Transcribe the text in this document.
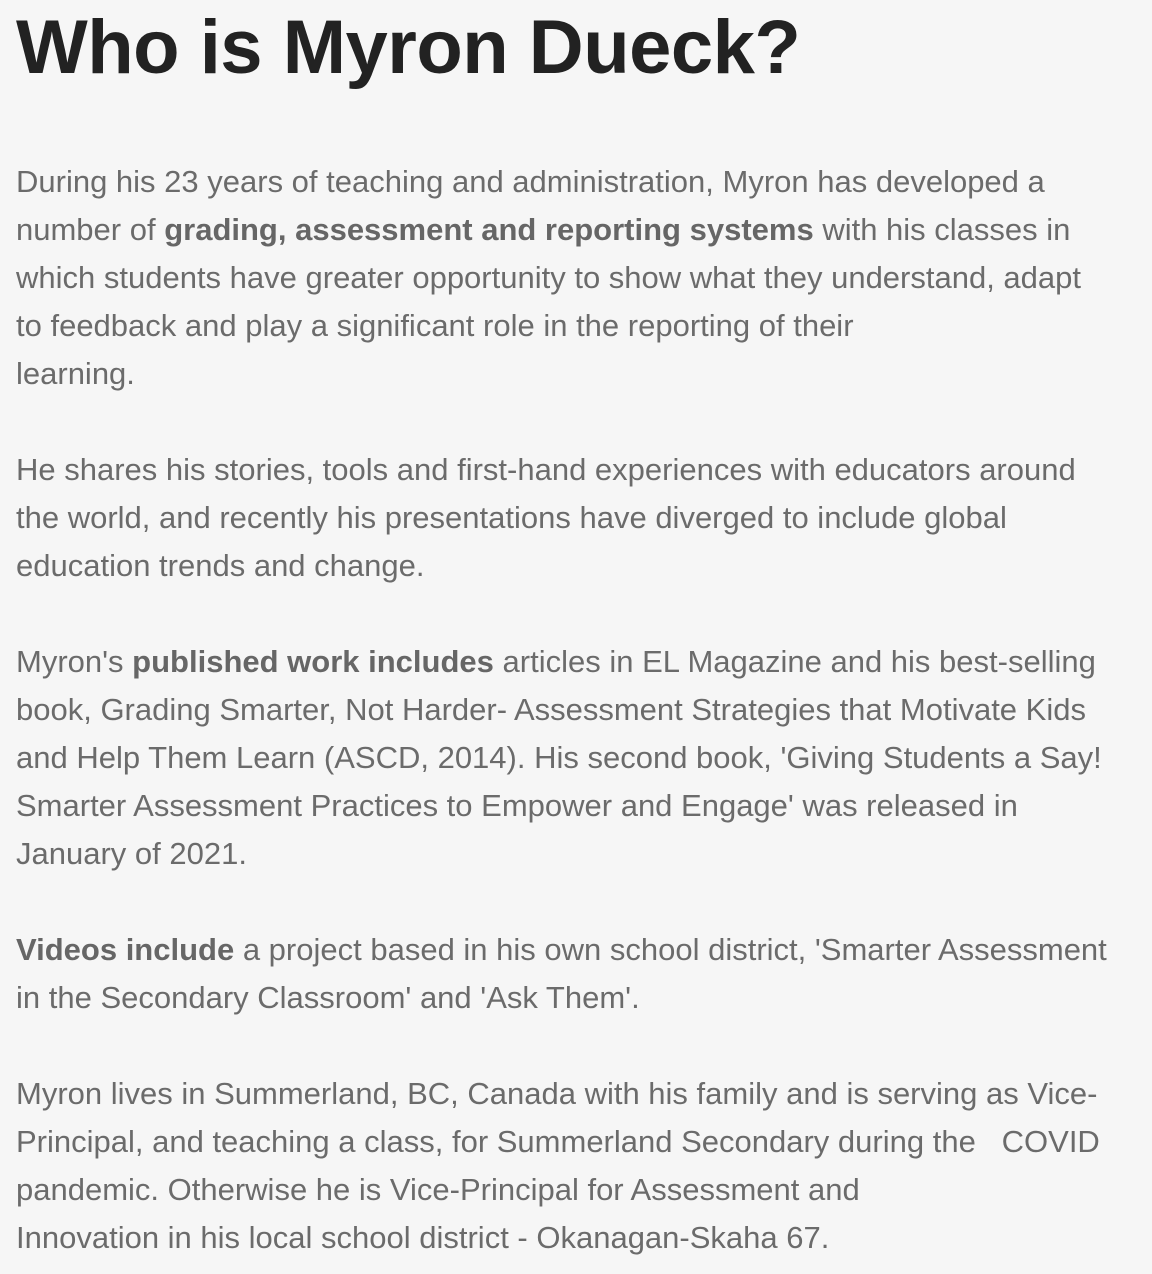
Who is Myron Dueck?

During his 23 years of teaching and administration, Myron has developed a
number of grading, assessment and reporting systems with his classes in
which students have greater opportunity to show what they understand, adapt
to feedback and play a significant role in the reporting of their
learning.

He shares his stories, tools and first-hand experiences with educators around
the world, and recently his presentations have diverged to include global
education trends and change.

Myron's published work includes articles in EL Magazine and his best-selling
book, Grading Smarter, Not Harder- Assessment Strategies that Motivate Kids
and Help Them Learn (ASCD, 2014). His second book, 'Giving Students a Say!
Smarter Assessment Practices to Empower and Engage' was released in
January of 2021.

Videos include a project based in his own school district, 'Smarter Assessment
in the Secondary Classroom' and 'Ask Them'.

Myron lives in Summerland, BC, Canada with his family and is serving as Vice-
Principal, and teaching a class, for Summerland Secondary during the   COVID
pandemic. Otherwise he is Vice-Principal for Assessment and
Innovation in his local school district - Okanagan-Skaha 67.
